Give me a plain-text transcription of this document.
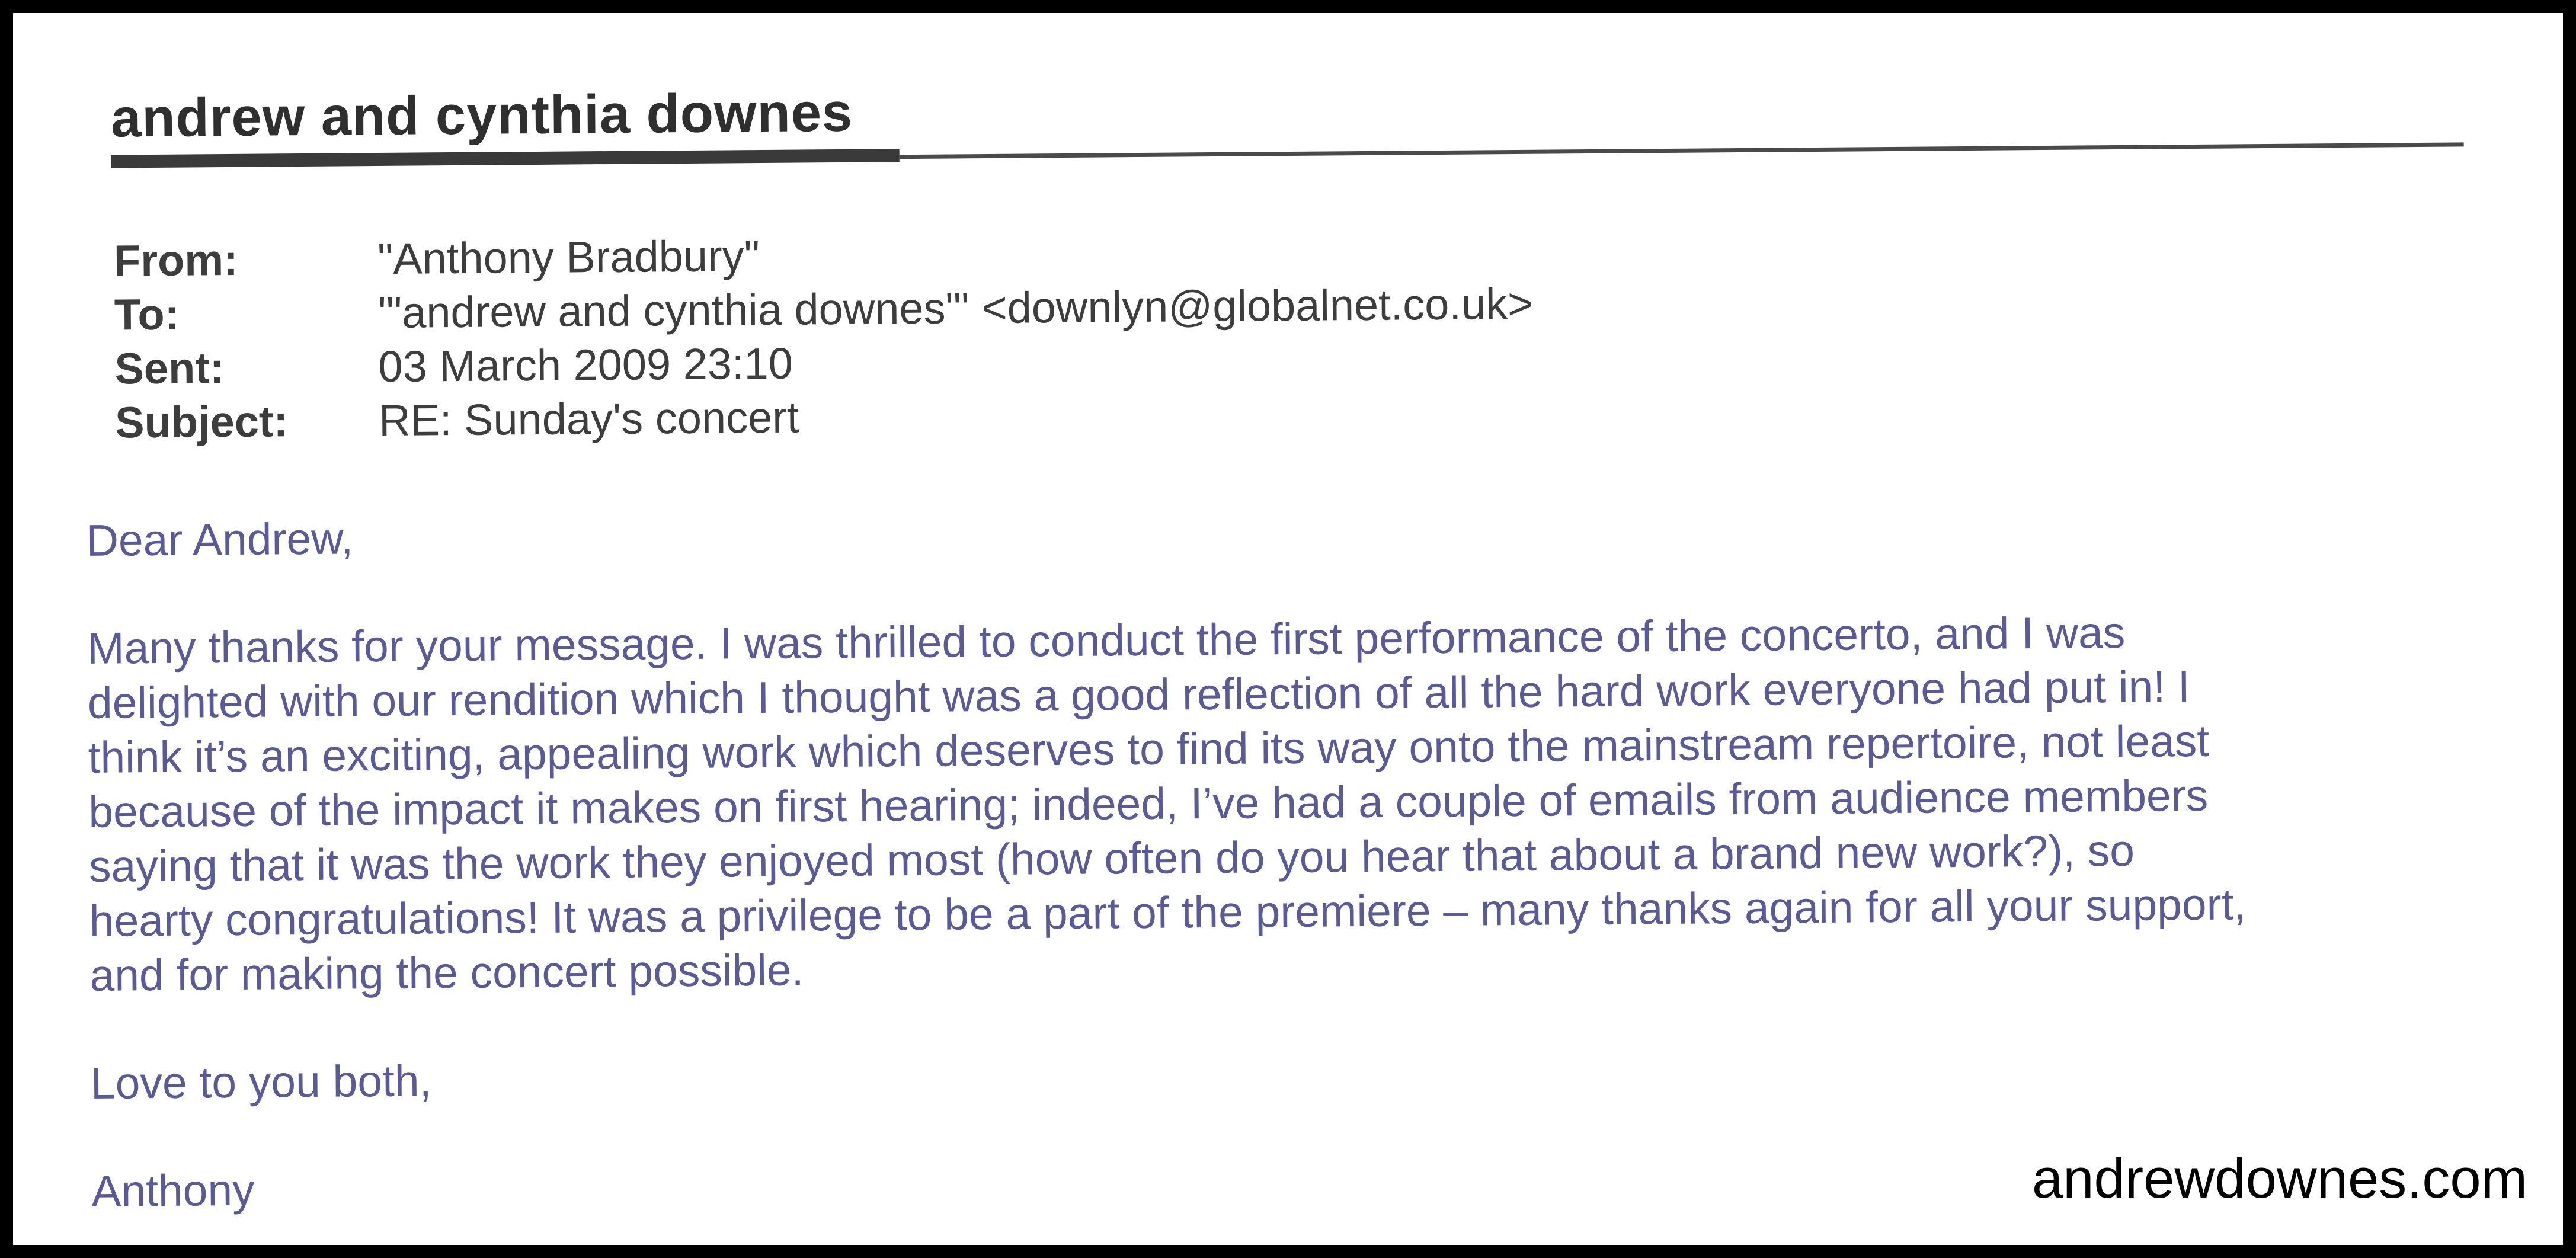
andrew and cynthia downes
From:	"Anthony Bradbury"
To:	'"andrew and cynthia downes"' <downlyn@globalnet.co.uk>
Sent:	03 March 2009 23:10
Subject: RE: Sunday's concert
Dear Andrew,
Many thanks for your message. I was thrilled to conduct the first performance of the concerto, and I was
delighted with our rendition which I thought was a good reflection of all the hard work everyone had put in! I
think it’s an exciting, appealing work which deserves to find its way onto the mainstream repertoire, not least
because of the impact it makes on first hearing; indeed, I’ve had a couple of emails from audience members
saying that it was the work they enjoyed most (how often do you hear that about a brand new work?), so
hearty congratulations! It was a privilege to be a part of the premiere – many thanks again for all your support,
and for making the concert possible.
Love to you both,
Anthony	andrewdownes.com
